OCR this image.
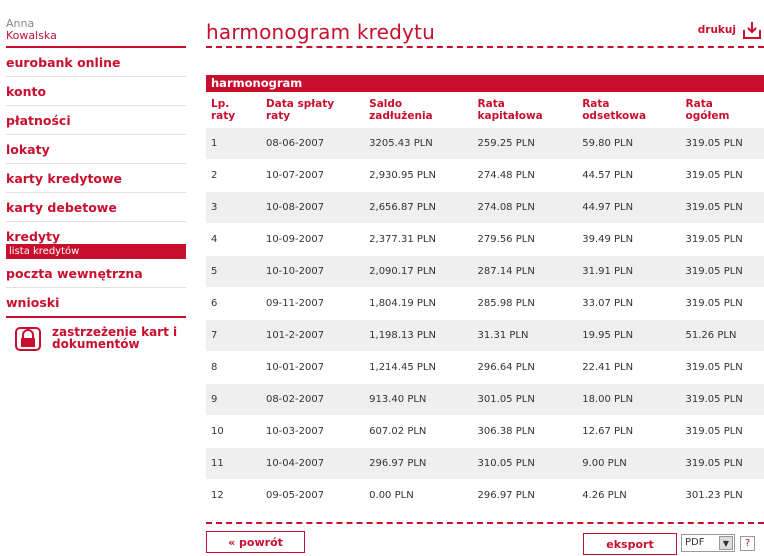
Anna
Kowalska
eurobank online
konto
płatności
lokaty
karty kredytowe
karty debetowe
kredyty
lista kredytów
poczta wewnętrzna
wnioski
zastrzeżenie kart i
dokumentów
harmonogram kredytu	drukuj
harmonogram
Lp. raty	Data spłaty raty	Saldo zadłużenia	Rata kapitałowa	Rata odsetkowa	Rata ogółem
1	08-06-2007	3205.43 PLN	259.25 PLN	59.80 PLN	319.05 PLN
2	10-07-2007	2,930.95 PLN	274.48 PLN	44.57 PLN	319.05 PLN
3	10-08-2007	2,656.87 PLN	274.08 PLN	44.97 PLN	319.05 PLN
4	10-09-2007	2,377.31 PLN	279.56 PLN	39.49 PLN	319.05 PLN
5	10-10-2007	2,090.17 PLN	287.14 PLN	31.91 PLN	319.05 PLN
6	09-11-2007	1,804.19 PLN	285.98 PLN	33.07 PLN	319.05 PLN
7	101-2-2007	1,198.13 PLN	31.31 PLN	19.95 PLN	51.26 PLN
8	10-01-2007	1,214.45 PLN	296.64 PLN	22.41 PLN	319.05 PLN
9	08-02-2007	913.40 PLN	301.05 PLN	18.00 PLN	319.05 PLN
10	10-03-2007	607.02 PLN	306.38 PLN	12.67 PLN	319.05 PLN
11	10-04-2007	296.97 PLN	310.05 PLN	9.00 PLN	319.05 PLN
12	09-05-2007	0.00 PLN	296.97 PLN	4.26 PLN	301.23 PLN
« powrót	eksport	PDF	▼	?
